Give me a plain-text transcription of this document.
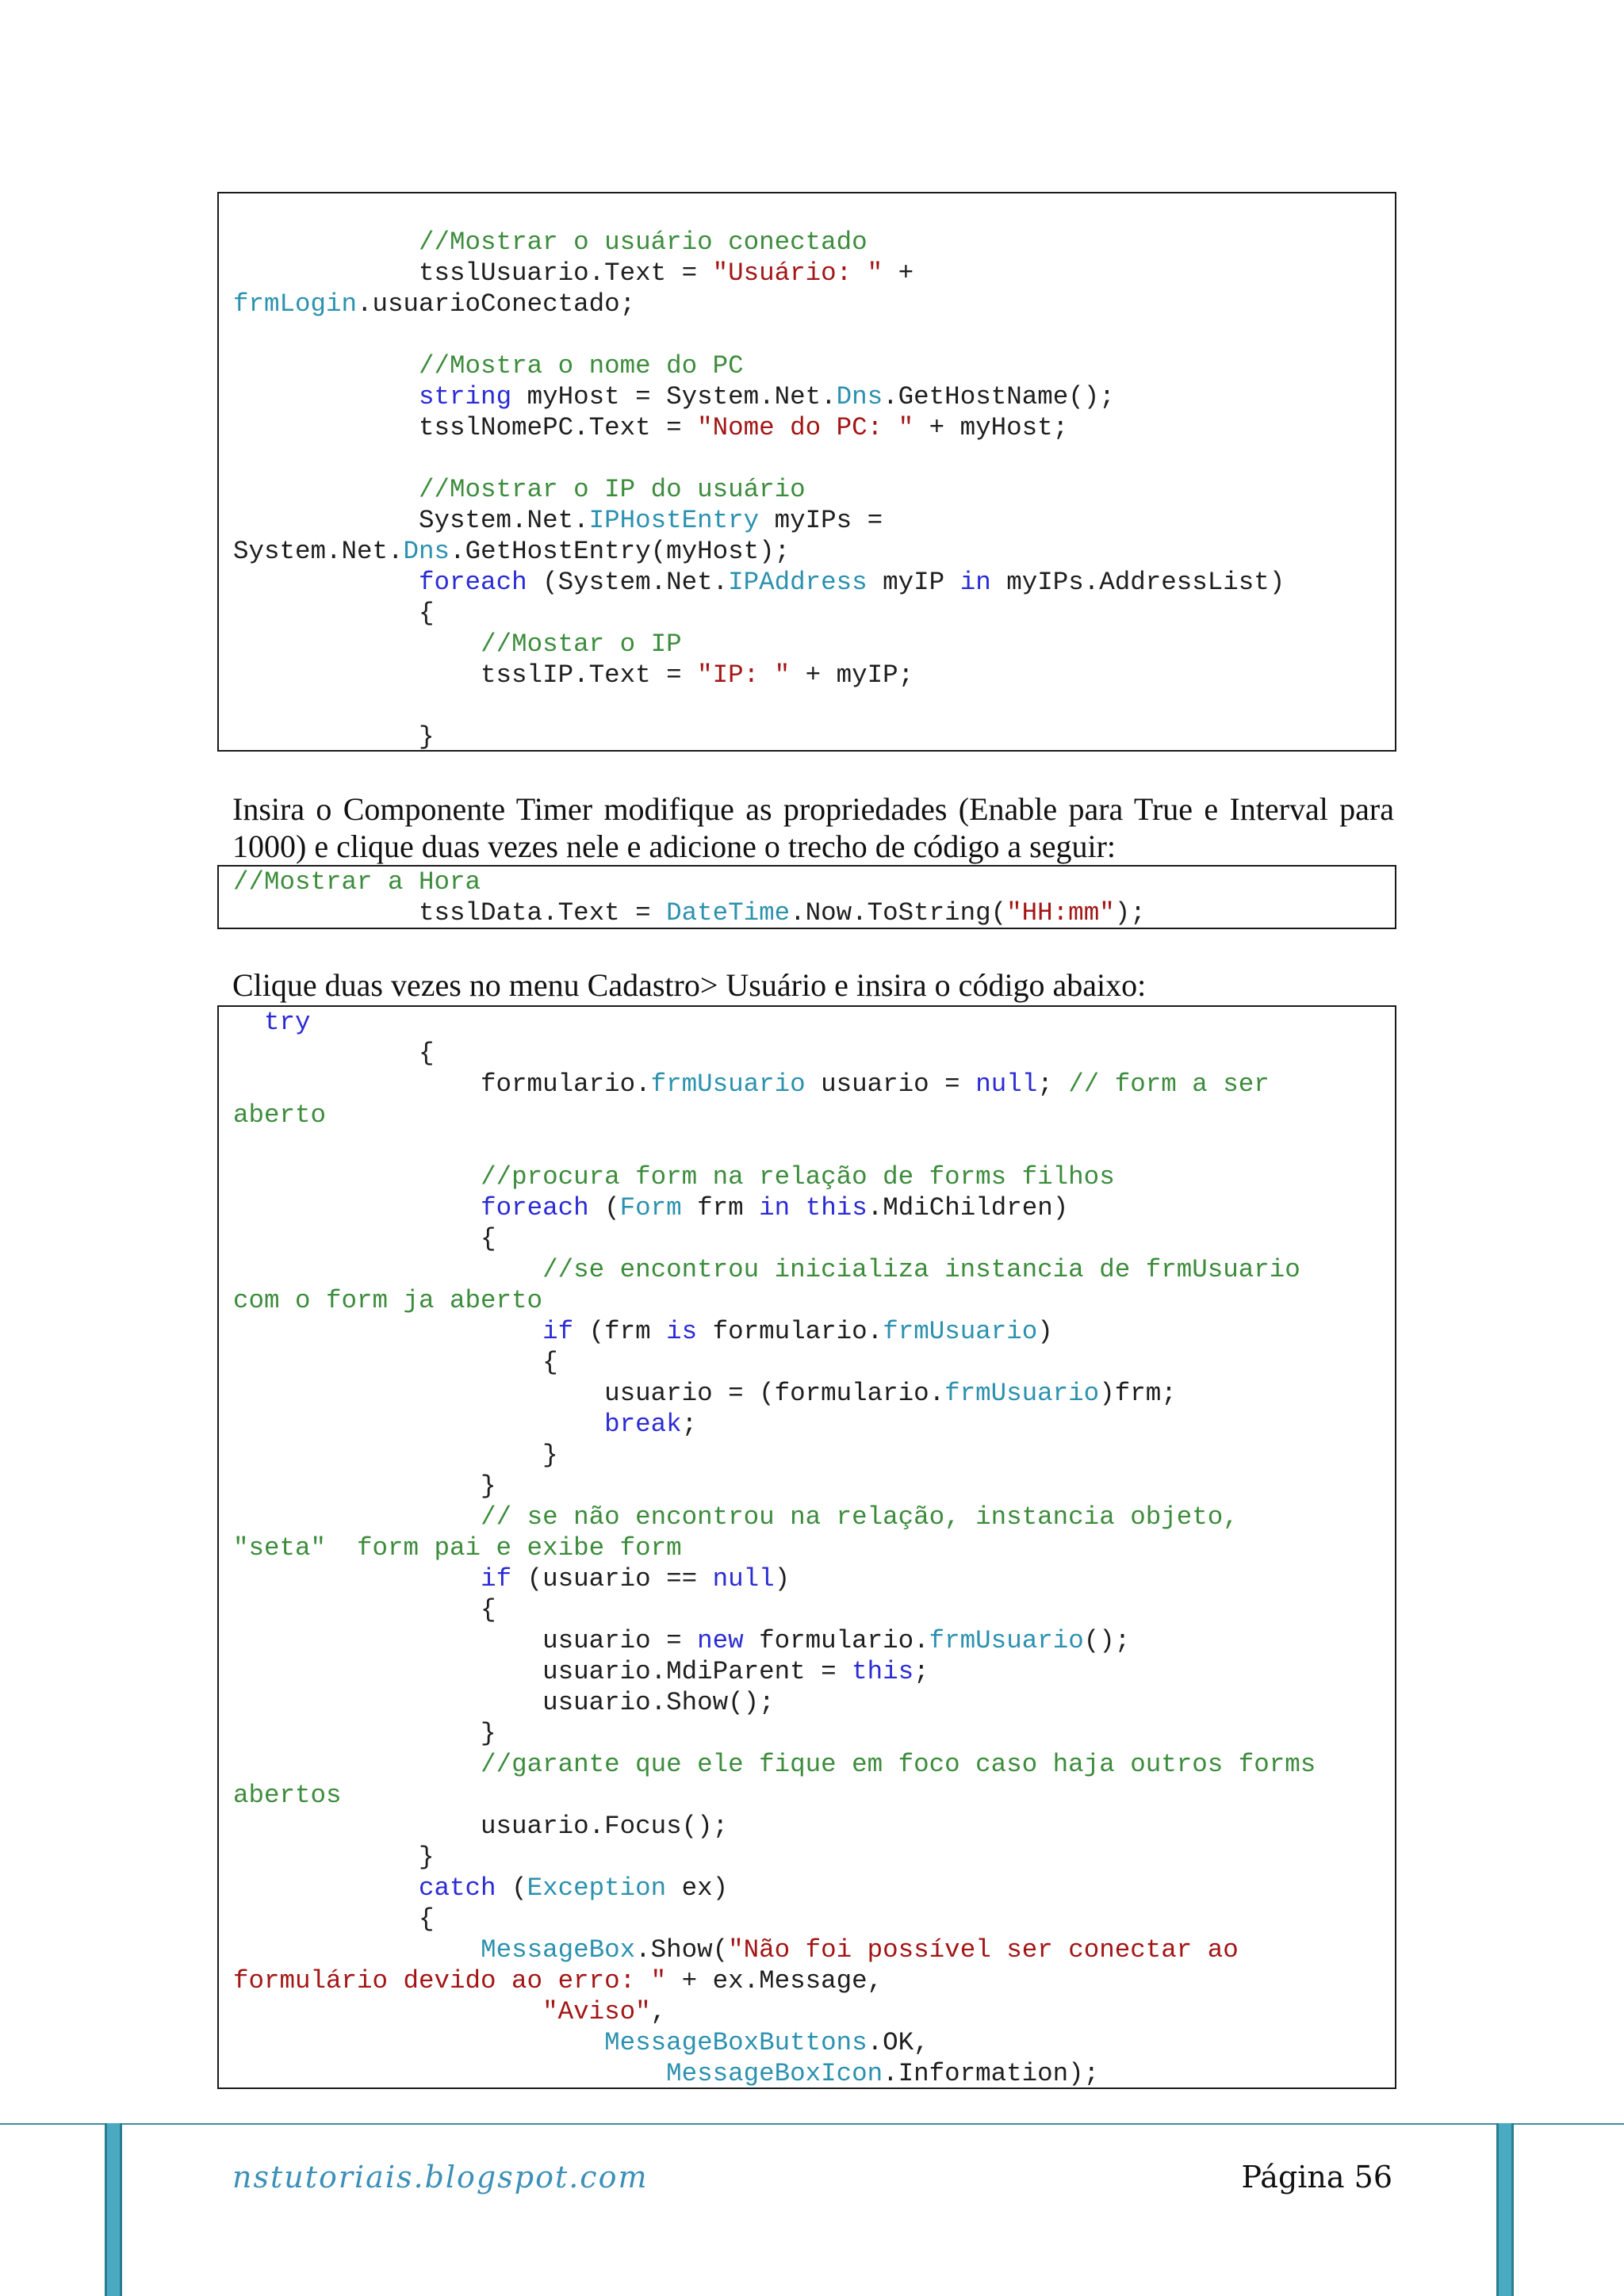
//Mostrar o usuário conectado
tsslUsuario.Text = "Usuário: " +
frmLogin.usuarioConectado;

//Mostra o nome do PC
string myHost = System.Net.Dns.GetHostName();
tsslNomePC.Text = "Nome do PC: " + myHost;

//Mostrar o IP do usuário
System.Net.IPHostEntry myIPs =
System.Net.Dns.GetHostEntry(myHost);
foreach (System.Net.IPAddress myIP in myIPs.AddressList)
{
//Mostar o IP
tsslIP.Text = "IP: " + myIP;

}

Insira o Componente Timer modifique as propriedades (Enable para True e Interval para 1000) e clique duas vezes nele e adicione o trecho de código a seguir:

//Mostrar a Hora
tsslData.Text = DateTime.Now.ToString("HH:mm");

Clique duas vezes no menu Cadastro> Usuário e insira o código abaixo:

try
{
formulario.frmUsuario usuario = null; // form a ser
aberto

//procura form na relação de forms filhos
foreach (Form frm in this.MdiChildren)
{
//se encontrou inicializa instancia de frmUsuario
com o form ja aberto
if (frm is formulario.frmUsuario)
{
usuario = (formulario.frmUsuario)frm;
break;
}
}
// se não encontrou na relação, instancia objeto,
"seta"  form pai e exibe form
if (usuario == null)
{
usuario = new formulario.frmUsuario();
usuario.MdiParent = this;
usuario.Show();
}
//garante que ele fique em foco caso haja outros forms
abertos
usuario.Focus();
}
catch (Exception ex)
{
MessageBox.Show("Não foi possível ser conectar ao
formulário devido ao erro: " + ex.Message,
"Aviso",
MessageBoxButtons.OK,
MessageBoxIcon.Information);
nstutoriais.blogspot.com	Página 56
